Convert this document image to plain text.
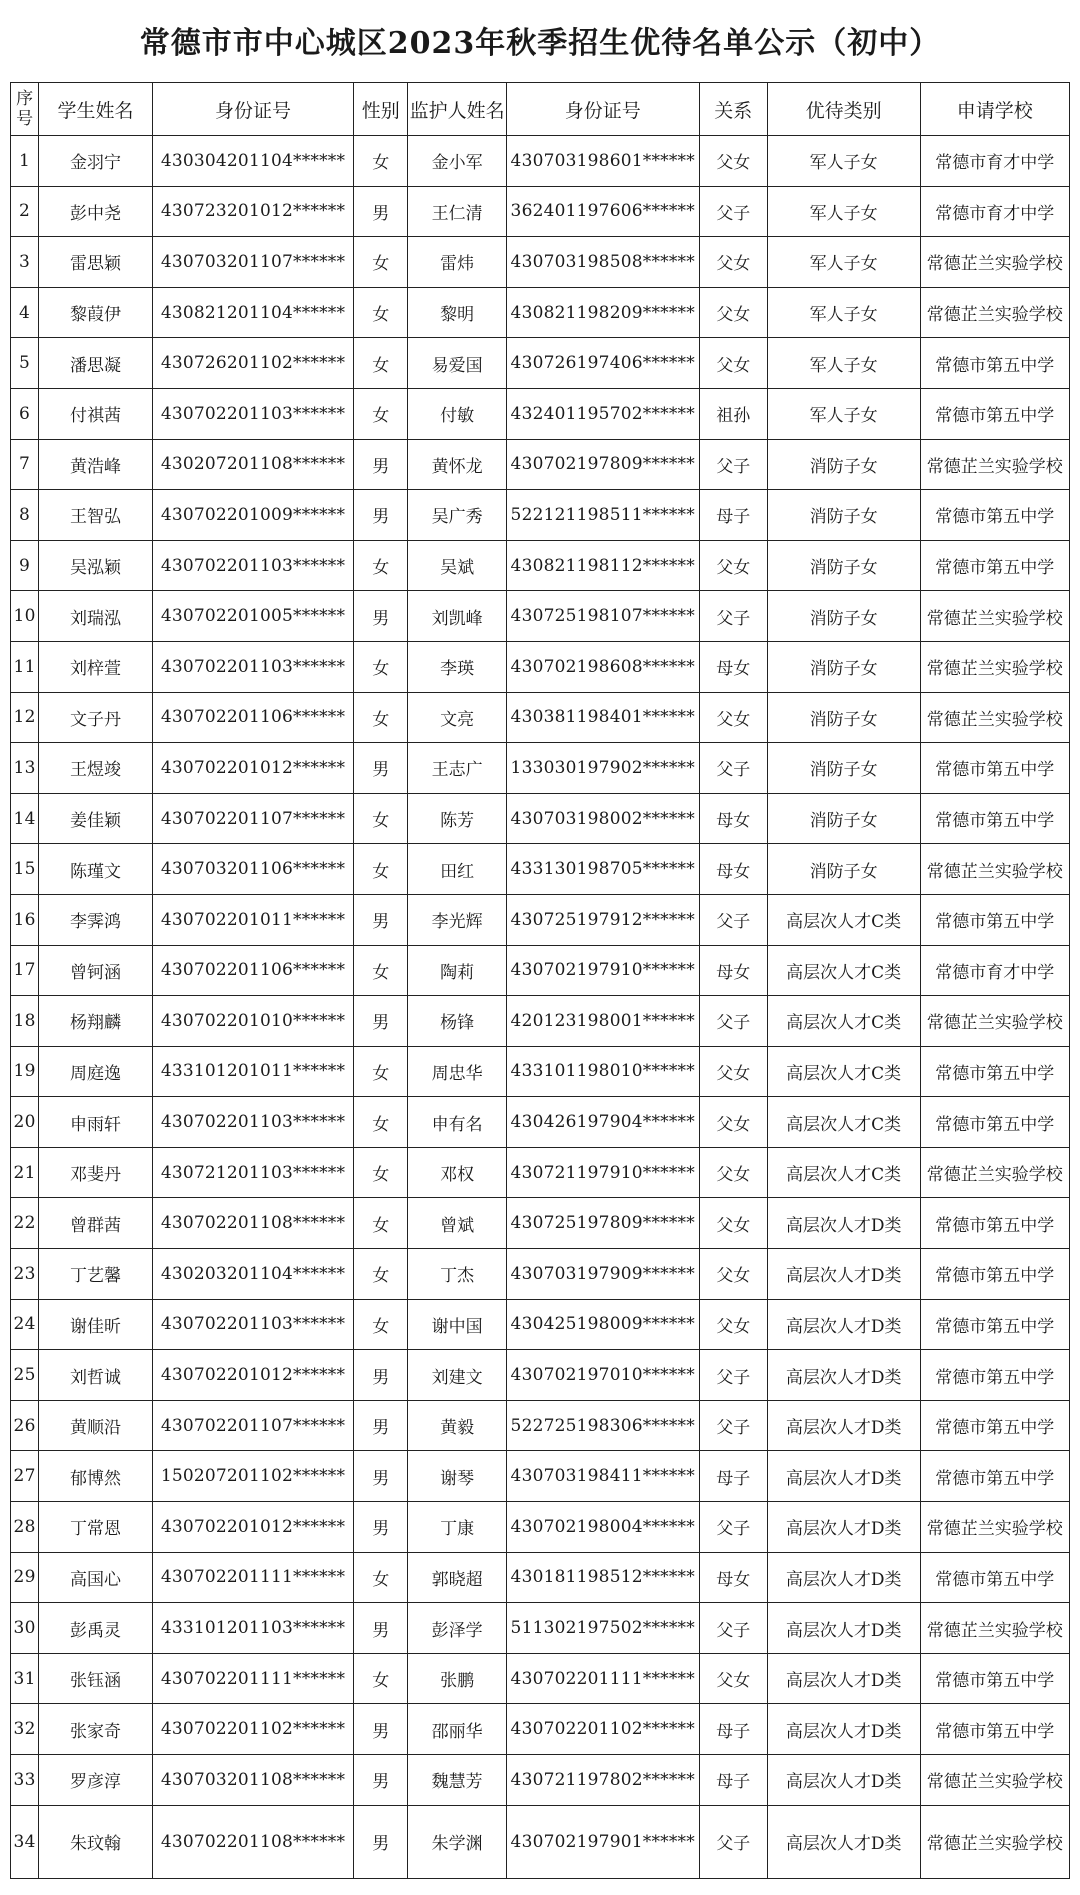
常德市市中心城区2023年秋季招生优待名单公示（初中）
序号	学生姓名	身份证号	性别	监护人姓名	身份证号	关系	优待类别	申请学校
1	金羽宁	430304201104******	女	金小军	430703198601******	父女	军人子女	常德市育才中学
2	彭中尧	430723201012******	男	王仁清	362401197606******	父子	军人子女	常德市育才中学
3	雷思颖	430703201107******	女	雷炜	430703198508******	父女	军人子女	常德芷兰实验学校
4	黎葭伊	430821201104******	女	黎明	430821198209******	父女	军人子女	常德芷兰实验学校
5	潘思凝	430726201102******	女	易爱国	430726197406******	父女	军人子女	常德市第五中学
6	付祺茜	430702201103******	女	付敏	432401195702******	祖孙	军人子女	常德市第五中学
7	黄浩峰	430207201108******	男	黄怀龙	430702197809******	父子	消防子女	常德芷兰实验学校
8	王智弘	430702201009******	男	吴广秀	522121198511******	母子	消防子女	常德市第五中学
9	吴泓颖	430702201103******	女	吴斌	430821198112******	父女	消防子女	常德市第五中学
10	刘瑞泓	430702201005******	男	刘凯峰	430725198107******	父子	消防子女	常德芷兰实验学校
11	刘梓萱	430702201103******	女	李瑛	430702198608******	母女	消防子女	常德芷兰实验学校
12	文子丹	430702201106******	女	文亮	430381198401******	父女	消防子女	常德芷兰实验学校
13	王煜竣	430702201012******	男	王志广	133030197902******	父子	消防子女	常德市第五中学
14	姜佳颖	430702201107******	女	陈芳	430703198002******	母女	消防子女	常德市第五中学
15	陈瑾文	430703201106******	女	田红	433130198705******	母女	消防子女	常德芷兰实验学校
16	李霁鸿	430702201011******	男	李光辉	430725197912******	父子	高层次人才C类	常德市第五中学
17	曾钶涵	430702201106******	女	陶莉	430702197910******	母女	高层次人才C类	常德市育才中学
18	杨翔麟	430702201010******	男	杨锋	420123198001******	父子	高层次人才C类	常德芷兰实验学校
19	周庭逸	433101201011******	女	周忠华	433101198010******	父女	高层次人才C类	常德市第五中学
20	申雨轩	430702201103******	女	申有名	430426197904******	父女	高层次人才C类	常德市第五中学
21	邓斐丹	430721201103******	女	邓权	430721197910******	父女	高层次人才C类	常德芷兰实验学校
22	曾群茜	430702201108******	女	曾斌	430725197809******	父女	高层次人才D类	常德市第五中学
23	丁艺馨	430203201104******	女	丁杰	430703197909******	父女	高层次人才D类	常德市第五中学
24	谢佳昕	430702201103******	女	谢中国	430425198009******	父女	高层次人才D类	常德市第五中学
25	刘哲诚	430702201012******	男	刘建文	430702197010******	父子	高层次人才D类	常德市第五中学
26	黄顺沿	430702201107******	男	黄毅	522725198306******	父子	高层次人才D类	常德市第五中学
27	郁博然	150207201102******	男	谢琴	430703198411******	母子	高层次人才D类	常德市第五中学
28	丁常恩	430702201012******	男	丁康	430702198004******	父子	高层次人才D类	常德芷兰实验学校
29	高国心	430702201111******	女	郭晓超	430181198512******	母女	高层次人才D类	常德市第五中学
30	彭禹灵	433101201103******	男	彭泽学	511302197502******	父子	高层次人才D类	常德芷兰实验学校
31	张钰涵	430702201111******	女	张鹏	430702201111******	父女	高层次人才D类	常德市第五中学
32	张家奇	430702201102******	男	邵丽华	430702201102******	母子	高层次人才D类	常德市第五中学
33	罗彦淳	430703201108******	男	魏慧芳	430721197802******	母子	高层次人才D类	常德芷兰实验学校
34	朱玟翰	430702201108******	男	朱学渊	430702197901******	父子	高层次人才D类	常德芷兰实验学校
